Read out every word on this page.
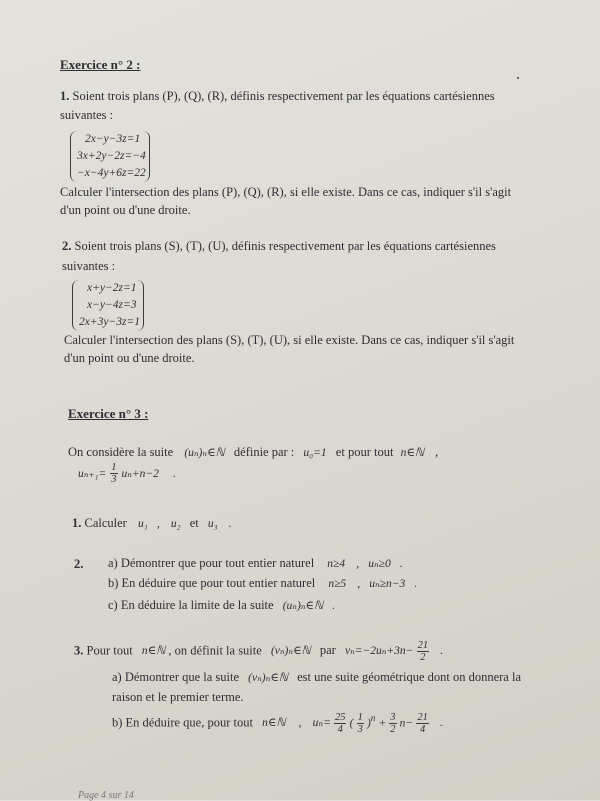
Exercice n° 2 :
1. Soient trois plans (P), (Q), (R), définis respectivement par les équations cartésiennes
suivantes :
2x−y−3z=1
3x+2y−2z=−4
−x−4y+6z=22
Calculer l'intersection des plans (P), (Q), (R), si elle existe. Dans ce cas, indiquer s'il s'agit
d'un point ou d'une droite.
2. Soient trois plans (S), (T), (U), définis respectivement par les équations cartésiennes
suivantes :
x+y−2z=1
x−y−4z=3
2x+3y−3z=1
Calculer l'intersection des plans (S), (T), (U), si elle existe. Dans ce cas, indiquer s'il s'agit
d'un point ou d'une droite.
Exercice n° 3 :
On considère la suite (uₙ)ₙ∈ℕ définie par : u₀=1 et pour tout n∈ℕ ,
$u_{n+1}= \frac{1}{3} u_n+n-2$ .
1. Calculer u₁ , u₂ et u₃ .
2. a) Démontrer que pour tout entier naturel n≥4 , uₙ≥0 .
b) En déduire que pour tout entier naturel n≥5 , uₙ≥n−3 .
c) En déduire la limite de la suite (uₙ)ₙ∈ℕ .
3. Pour tout n∈ℕ , on définit la suite (vₙ)ₙ∈ℕ par $v_n=-2u_n+3n- \frac{21}{2}$ .
a) Démontrer que la suite (vₙ)ₙ∈ℕ est une suite géométrique dont on donnera la
raison et le premier terme.
b) En déduire que, pour tout n∈ℕ , $u_n= \frac{25}{4}$ ( $\frac{1}{3} )^n + \frac{3}{2} n- \frac{21}{4}$ .
Page 4 sur 14
